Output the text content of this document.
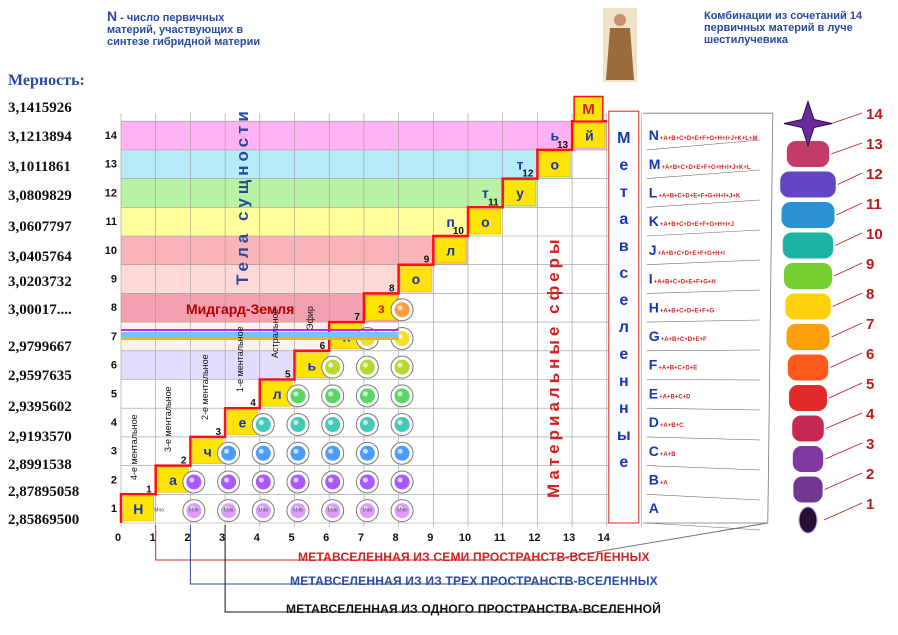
1
2
3
4
5
6
7
8
9
10
11
12
13
14
1
2
3
4
5
6
7
8
9
10
11
12
13
Н
а
ч
е
л
ь
з
о
л
п о
т у
т о
ь й
М
М
е
т
а
в
с
е
л
е
н
н
ы
е
A
B+A
C+A+B
D+A+B+C
E+A+B+C+D
F+A+B+C+D+E
G+A+B+C+D+E+F
H+A+B+C+D+E+F+G
I+A+B+C+D+E+F+G+H
J+A+B+C+D+E+F+G+H+I
K+A+B+C+D+E+F+G+H+I+J
L+A+B+C+D+E+F+G+H+I+J+K
M+A+B+C+D+E+F+G+H+I+J+K+L
N+A+B+C+D+E+F+G+H+I+J+K+L+M
Мно	Мно	Мно	Мно	Мно	Мно	Мно	Мно
Мидгард-Земля
Тела сущности
Материальные сферы
4-е ментальное	3-е ментальное	2-е ментальное	1-е ментальное	Астральное	Эфир
0	1	2	3	4	5	6	7	8	9 10 11 12 13 14
1
2
3
4
5
6
7
8
9
10
11
12
13
14
N - число первичных материй, участвующих в синтезе гибридной материи
Комбинации из сочетаний 14 первичных материй в луче шестилучевика
Мерность:
3,1415926
3,1213894
3,1011861
3,0809829
3,0607797
3,0405764
3,0203732
3,00017....
2,9799667
2,9597635
2,9395602
2,9193570
2,8991538
2,87895058
2,85869500
МЕТАВСЕЛЕННАЯ ИЗ СЕМИ ПРОСТРАНСТВ-ВСЕЛЕННЫХ
МЕТАВСЕЛЕННАЯ ИЗ ИЗ ТРЕХ ПРОСТРАНСТВ-ВСЕЛЕННЫХ
МЕТАВСЕЛЕННАЯ ИЗ ОДНОГО ПРОСТРАНСТВА-ВСЕЛЕННОЙ
